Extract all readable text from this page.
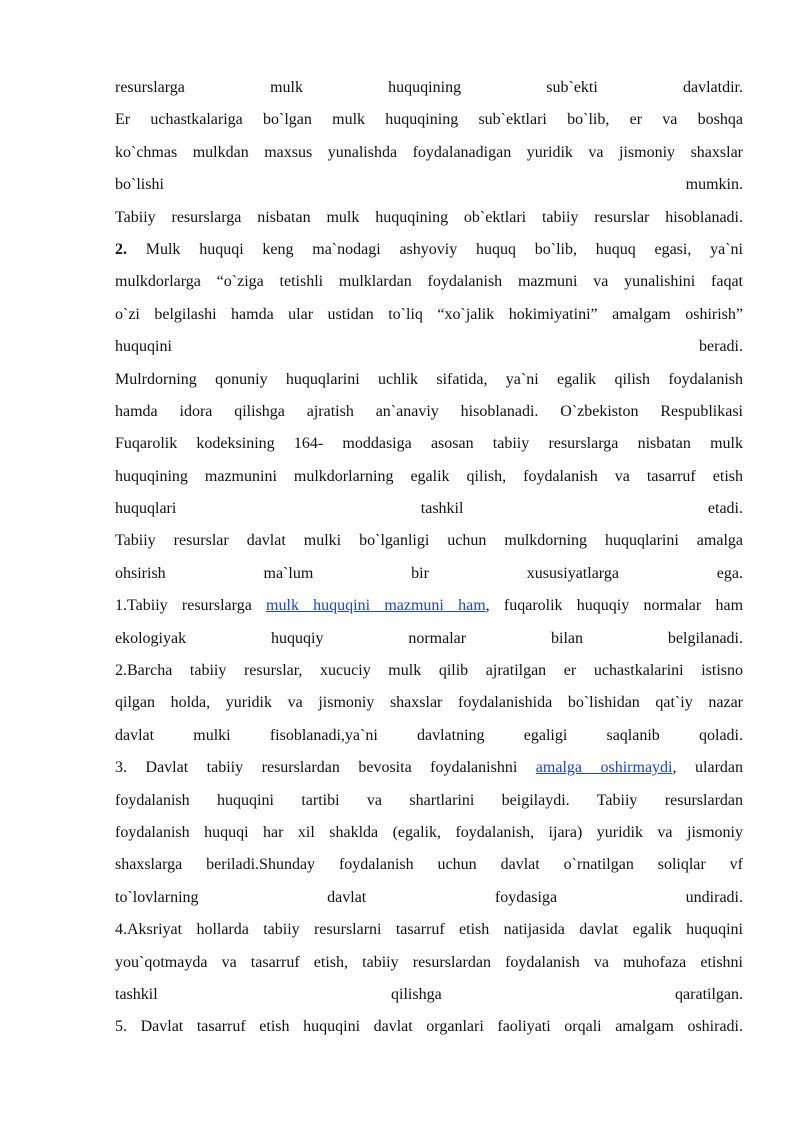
resurslarga mulk huquqining sub`ekti davlatdir.
Er uchastkalariga bo`lgan mulk huquqining sub`ektlari bo`lib, er va boshqa
ko`chmas mulkdan maxsus yunalishda foydalanadigan yuridik va jismoniy shaxslar
bo`lishi mumkin.
Tabiiy resurslarga nisbatan mulk huquqining ob`ektlari tabiiy resurslar hisoblanadi.
2. Mulk huquqi keng ma`nodagi ashyoviy huquq bo`lib, huquq egasi, ya`ni
mulkdorlarga “o`ziga tetishli mulklardan foydalanish mazmuni va yunalishini faqat
o`zi belgilashi hamda ular ustidan to`liq “xo`jalik hokimiyatini” amalgam oshirish”
huquqini beradi.
Mulrdorning qonuniy huquqlarini uchlik sifatida, ya`ni egalik qilish foydalanish
hamda idora qilishga ajratish an`anaviy hisoblanadi. O`zbekiston Respublikasi
Fuqarolik kodeksining 164- moddasiga asosan tabiiy resurslarga nisbatan mulk
huquqining mazmunini mulkdorlarning egalik qilish, foydalanish va tasarruf etish
huquqlari tashkil etadi.
Tabiiy resurslar davlat mulki bo`lganligi uchun mulkdorning huquqlarini amalga
ohsirish ma`lum bir xususiyatlarga ega.
1.Tabiiy resurslarga mulk huquqini mazmuni ham, fuqarolik huquqiy normalar ham
ekologiyak huquqiy normalar bilan belgilanadi.
2.Barcha tabiiy resurslar, xucuciy mulk qilib ajratilgan er uchastkalarini istisno
qilgan holda, yuridik va jismoniy shaxslar foydalanishida bo`lishidan qat`iy nazar
davlat mulki fisoblanadi,ya`ni davlatning egaligi saqlanib qoladi.
3. Davlat tabiiy resurslardan bevosita foydalanishni amalga oshirmaydi, ulardan
foydalanish huquqini tartibi va shartlarini beigilaydi. Tabiiy resurslardan
foydalanish huquqi har xil shaklda (egalik, foydalanish, ijara) yuridik va jismoniy
shaxslarga beriladi.Shunday foydalanish uchun davlat o`rnatilgan soliqlar vf
to`lovlarning davlat foydasiga undiradi.
4.Aksriyat hollarda tabiiy resurslarni tasarruf etish natijasida davlat egalik huquqini
you`qotmayda va tasarruf etish, tabiiy resurslardan foydalanish va muhofaza etishni
tashkil qilishga qaratilgan.
5. Davlat tasarruf etish huquqini davlat organlari faoliyati orqali amalgam oshiradi.
